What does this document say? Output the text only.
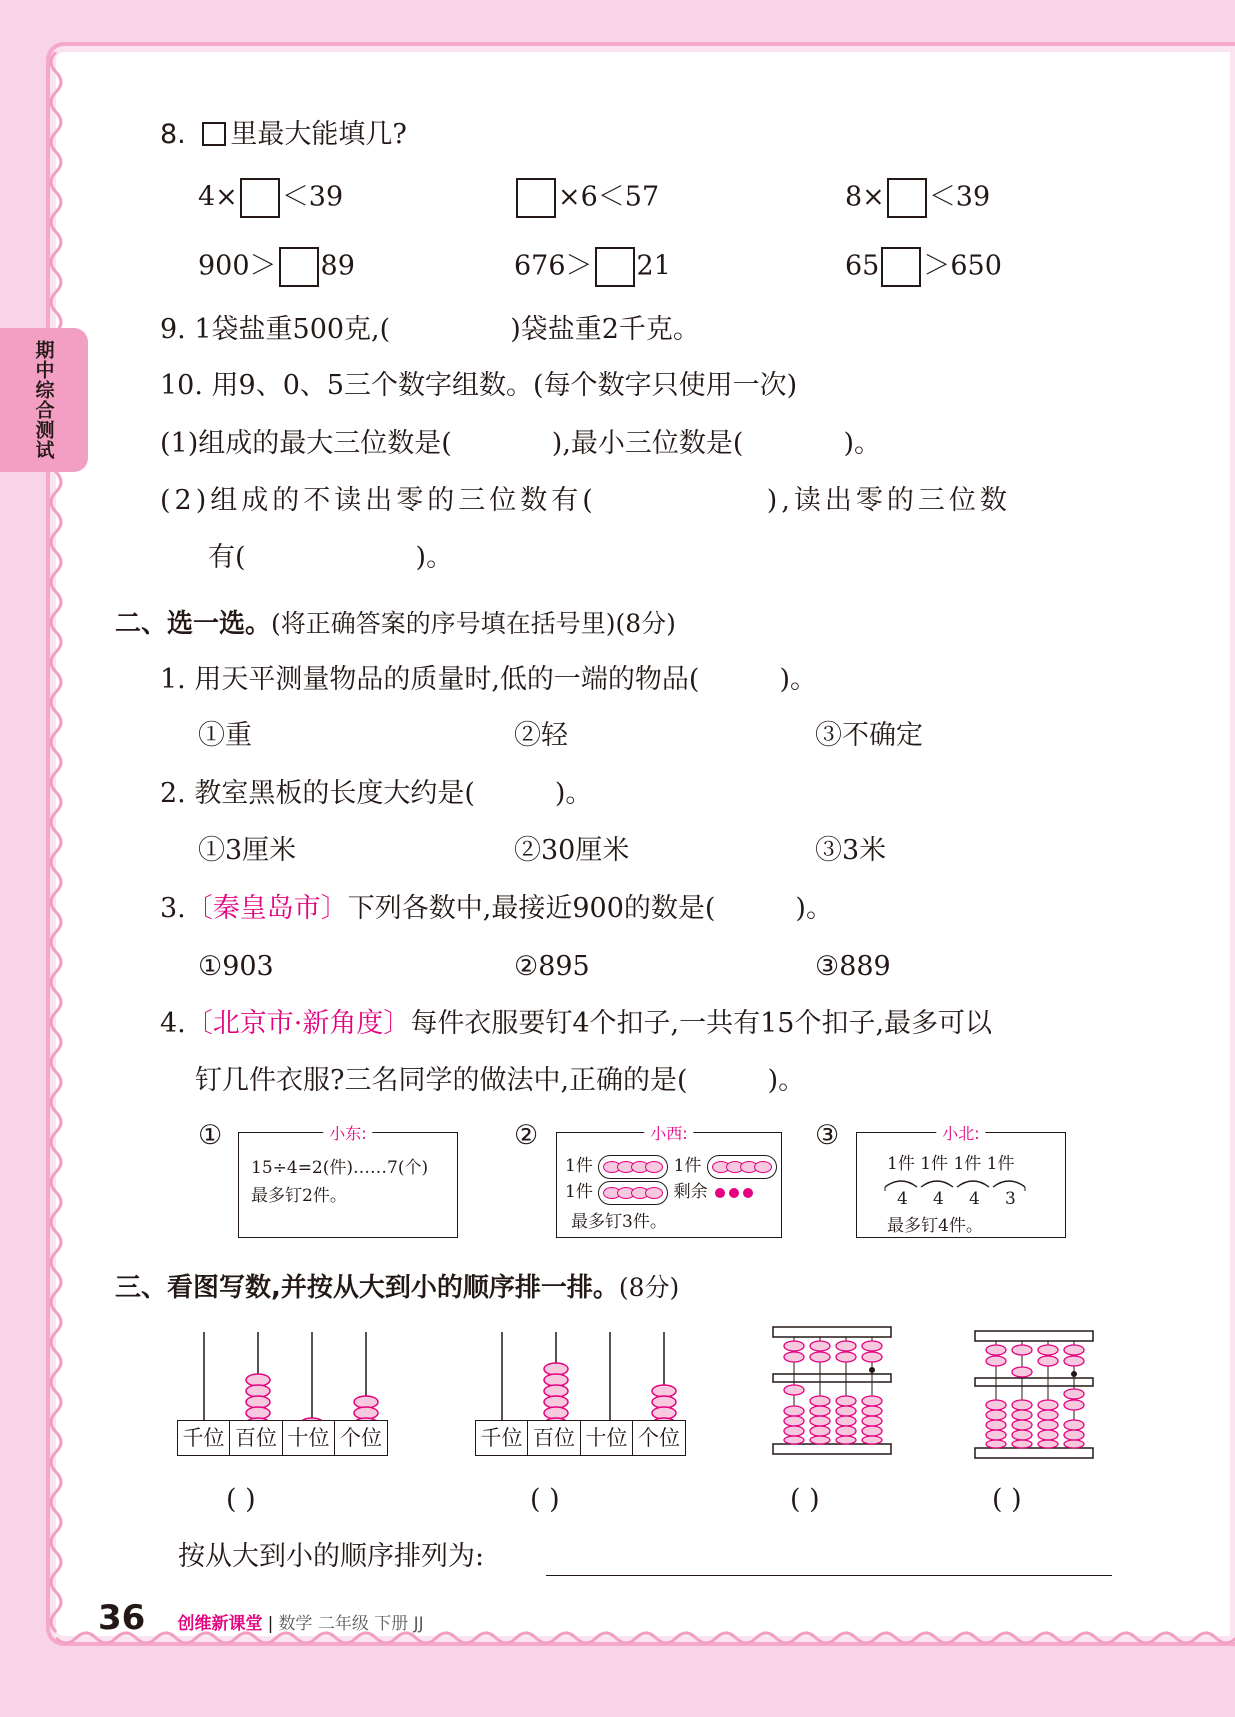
期中综合测试
8. 里最大能填几?
4× ＜39	×6＜57	8× ＜39
900＞ 89	676＞ 21	65 ＞650
9. 1袋盐重500克,(	)袋盐重2千克。
10. 用9、0、5三个数字组数。(每个数字只使用一次)
(1)组成的最大三位数是(	),最小三位数是(	)。
(2)组成的不读出零的三位数有(	),读出零的三位数
有(	)。
二、选一选。(将正确答案的序号填在括号里)(8分)
1. 用天平测量物品的质量时,低的一端的物品(	)。
①重	②轻	③不确定
2. 教室黑板的长度大约是(	)。
①3厘米	②30厘米	③3米
3.〔秦皇岛市〕下列各数中,最接近900的数是(	)。
①903	②895	③889
4.〔北京市·新角度〕每件衣服要钉4个扣子,一共有15个扣子,最多可以
钉几件衣服?三名同学的做法中,正确的是(	)。
①	②	③
小东:
15÷4=2(件)……7(个)
最多钉2件。
小西:
1件	1件
1件	剩余
最多钉3件。
小北:
1件 1件 1件 1件
4 4 4 3
最多钉4件。
三、看图写数,并按从大到小的顺序排一排。(8分)
千位 百位 十位 个位	千位 百位 十位 个位
( )	( )	( )	( )
按从大到小的顺序排列为:
36 创维新课堂 | 数学 二年级 下册 JJ
